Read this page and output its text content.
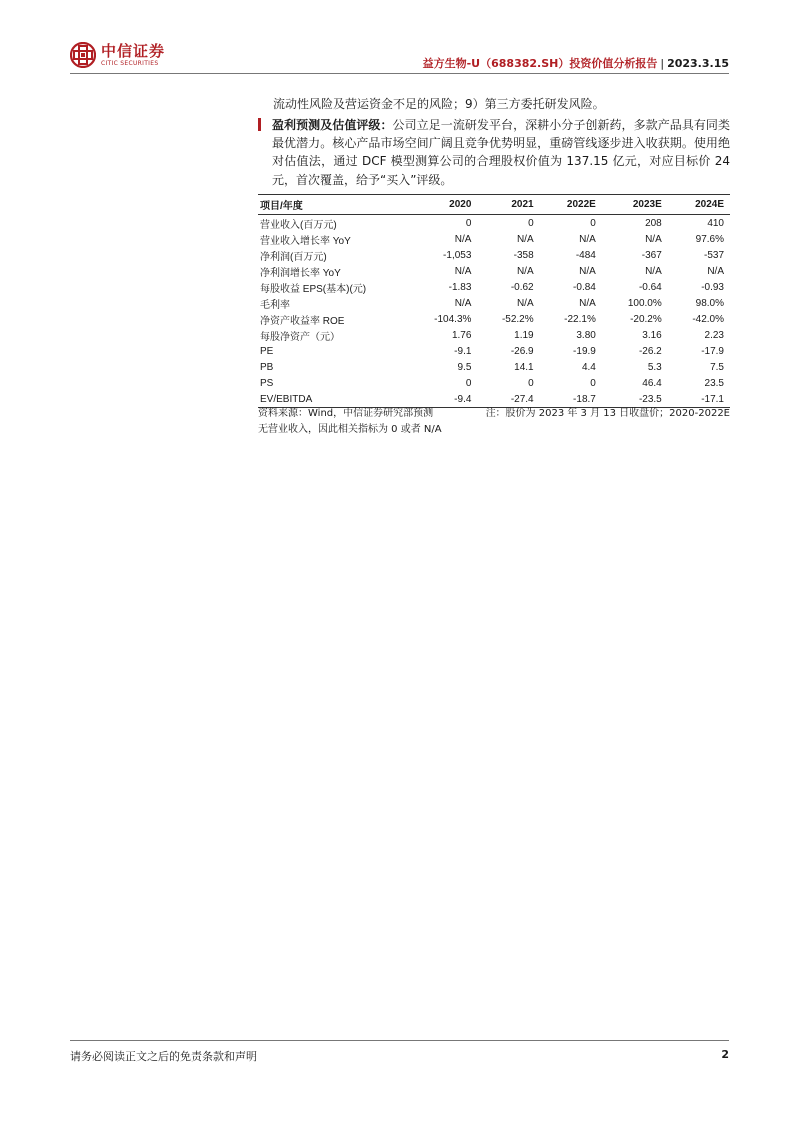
中信证券
CITIC SECURITIES	益方生物-U（688382.SH）投资价值分析报告 | 2023.3.15
流动性风险及营运资金不足的风险；9）第三方委托研发风险。
盈利预测及估值评级：公司立足一流研发平台，深耕小分子创新药，多款产品具有同类最优潜力。核心产品市场空间广阔且竞争优势明显，重磅管线逐步进入收获期。使用绝对估值法，通过 DCF 模型测算公司的合理股权价值为 137.15 亿元，对应目标价 24 元，首次覆盖，给予“买入”评级。
项目/年度	2020	2021	2022E	2023E	2024E
营业收入(百万元)	0	0	0	208	410
营业收入增长率 YoY	N/A	N/A	N/A	N/A	97.6%
净利润(百万元)	-1,053	-358	-484	-367	-537
净利润增长率 YoY	N/A	N/A	N/A	N/A	N/A
每股收益 EPS(基本)(元)	-1.83	-0.62	-0.84	-0.64	-0.93
毛利率	N/A	N/A	N/A	100.0%	98.0%
净资产收益率 ROE	-104.3%	-52.2%	-22.1%	-20.2%	-42.0%
每股净资产（元）	1.76	1.19	3.80	3.16	2.23
PE	-9.1	-26.9	-19.9	-26.2	-17.9
PB	9.5	14.1	4.4	5.3	7.5
PS	0	0	0	46.4	23.5
EV/EBITDA	-9.4	-27.4	-18.7	-23.5	-17.1
资料来源：Wind，中信证券研究部预测	注：股价为 2023 年 3 月 13 日收盘价；2020-2022E
无营业收入，因此相关指标为 0 或者 N/A
请务必阅读正文之后的免责条款和声明	2
